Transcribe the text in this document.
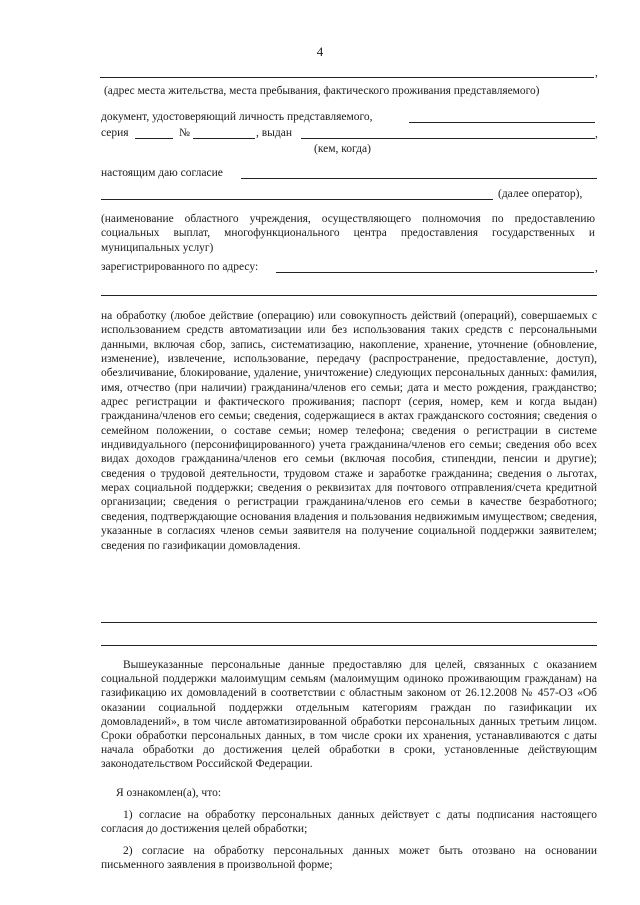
4
,
(адрес места жительства, места пребывания, фактического проживания представляемого)
документ, удостоверяющий личность представляемого,
серия	№	, выдан	,
(кем, когда)
настоящим даю согласие
(далее оператор),
(наименование областного учреждения, осуществляющего полномочия по предоставлению социальных выплат, многофункционального центра предоставления государственных и муниципальных услуг)
зарегистрированного по адресу:	,
на обработку (любое действие (операцию) или совокупность действий (операций), совершаемых с использованием средств автоматизации или без использования таких средств с персональными данными, включая сбор, запись, систематизацию, накопление, хранение, уточнение (обновление, изменение), извлечение, использование, передачу (распространение, предоставление, доступ), обезличивание, блокирование, удаление, уничтожение) следующих персональных данных: фамилия, имя, отчество (при наличии) гражданина/членов его семьи; дата и место рождения, гражданство; адрес регистрации и фактического проживания; паспорт (серия, номер, кем и когда выдан) гражданина/членов его семьи; сведения, содержащиеся в актах гражданского состояния; сведения о семейном положении, о составе семьи; номер телефона; сведения о регистрации в системе индивидуального (персонифицированного) учета гражданина/членов его семьи; сведения обо всех видах доходов гражданина/членов его семьи (включая пособия, стипендии, пенсии и другие); сведения о трудовой деятельности, трудовом стаже и заработке гражданина; сведения о льготах, мерах социальной поддержки; сведения о реквизитах для почтового отправления/счета кредитной организации; сведения о регистрации гражданина/членов его семьи в качестве безработного; сведения, подтверждающие основания владения и пользования недвижимым имуществом; сведения, указанные в согласиях членов семьи заявителя на получение социальной поддержки заявителем; сведения по газификации домовладения.
Вышеуказанные персональные данные предоставляю для целей, связанных с оказанием социальной поддержки малоимущим семьям (малоимущим одиноко проживающим гражданам) на газификацию их домовладений в соответствии с областным законом от 26.12.2008 № 457-ОЗ «Об оказании социальной поддержки отдельным категориям граждан по газификации их домовладений», в том числе автоматизированной обработки персональных данных третьим лицом. Сроки обработки персональных данных, в том числе сроки их хранения, устанавливаются с даты начала обработки до достижения целей обработки в сроки, установленные действующим законодательством Российской Федерации.
Я ознакомлен(а), что:
1) согласие на обработку персональных данных действует с даты подписания настоящего согласия до достижения целей обработки;
2) согласие на обработку персональных данных может быть отозвано на основании письменного заявления в произвольной форме;
